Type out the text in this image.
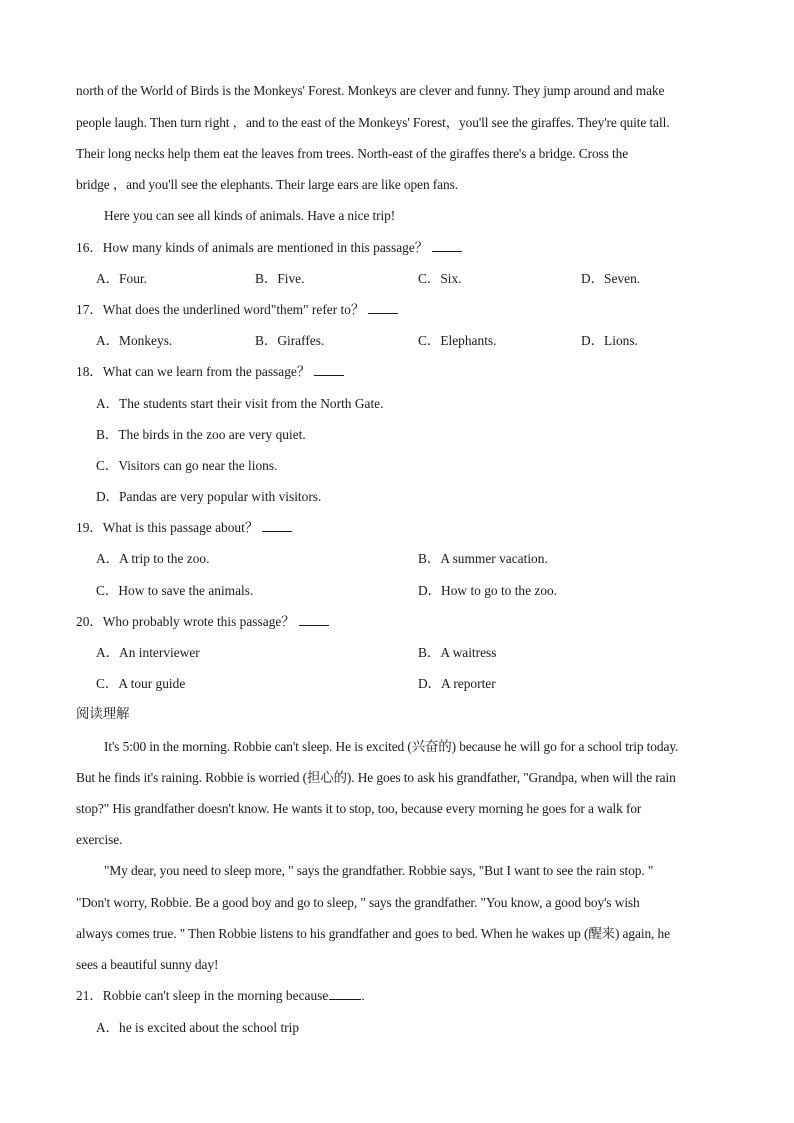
north of the World of Birds is the Monkeys' Forest. Monkeys are clever and funny. They jump around and make
people laugh. Then turn right ，and to the east of the Monkeys' Forest，you'll see the giraffes. They're quite tall.
Their long necks help them eat the leaves from trees. North-east of the giraffes there's a bridge. Cross the
bridge ，and you'll see the elephants. Their large ears are like open fans.
Here you can see all kinds of animals. Have a nice trip!
16．How many kinds of animals are mentioned in this passage？
A．Four.	B．Five.	C．Six.	D．Seven.
17．What does the underlined word"them" refer to？
A．Monkeys.	B．Giraffes.	C．Elephants.	D．Lions.
18．What can we learn from the passage？
A．The students start their visit from the North Gate.
B．The birds in the zoo are very quiet.
C．Visitors can go near the lions.
D．Pandas are very popular with visitors.
19．What is this passage about？
A．A trip to the zoo.	B．A summer vacation.
C．How to save the animals.	D．How to go to the zoo.
20．Who probably wrote this passage？
A．An interviewer	B．A waitress
C．A tour guide	D．A reporter
阅读理解
It's 5:00 in the morning. Robbie can't sleep. He is excited (兴奋的) because he will go for a school trip today.
But he finds it's raining. Robbie is worried (担心的). He goes to ask his grandfather, "Grandpa, when will the rain
stop?" His grandfather doesn't know. He wants it to stop, too, because every morning he goes for a walk for
exercise.
"My dear, you need to sleep more, " says the grandfather. Robbie says, "But I want to see the rain stop. "
"Don't worry, Robbie. Be a good boy and go to sleep, " says the grandfather. "You know, a good boy's wish
always comes true. " Then Robbie listens to his grandfather and goes to bed. When he wakes up (醒来) again, he
sees a beautiful sunny day!
21．Robbie can't sleep in the morning because .
A．he is excited about the school trip
